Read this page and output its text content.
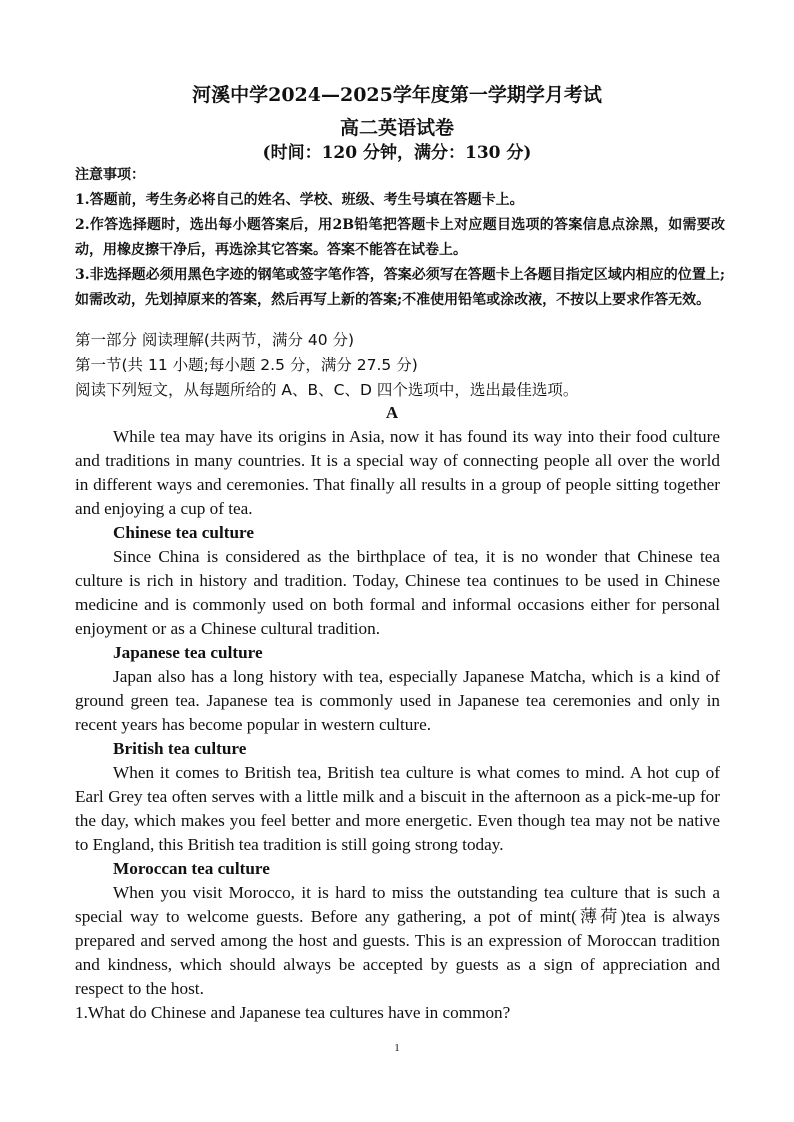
河溪中学2024—2025学年度第一学期学月考试
高二英语试卷
(时间：120 分钟，满分：130 分)

注意事项：

1.答题前，考生务必将自己的姓名、学校、班级、考生号填在答题卡上。

2.作答选择题时，选出每小题答案后，用2B铅笔把答题卡上对应题目选项的答案信息点涂黑，如需要改动，用橡皮擦干净后，再选涂其它答案。答案不能答在试卷上。

3.非选择题必须用黑色字迹的钢笔或签字笔作答，答案必须写在答题卡上各题目指定区域内相应的位置上;如需改动，先划掉原来的答案，然后再写上新的答案;不准使用铅笔或涂改液，不按以上要求作答无效。

第一部分 阅读理解(共两节，满分 40 分)

第一节(共 11 小题;每小题 2.5 分，满分 27.5 分)

阅读下列短文，从每题所给的 A、B、C、D 四个选项中，选出最佳选项。

A

While tea may have its origins in Asia, now it has found its way into their food culture and traditions in many countries. It is a special way of connecting people all over the world in different ways and ceremonies. That finally all results in a group of people sitting together and enjoying a cup of tea.

Chinese tea culture

Since China is considered as the birthplace of tea, it is no wonder that Chinese tea culture is rich in history and tradition. Today, Chinese tea continues to be used in Chinese medicine and is commonly used on both formal and informal occasions either for personal enjoyment or as a Chinese cultural tradition.

Japanese tea culture

Japan also has a long history with tea, especially Japanese Matcha, which is a kind of ground green tea. Japanese tea is commonly used in Japanese tea ceremonies and only in recent years has become popular in western culture.

British tea culture

When it comes to British tea, British tea culture is what comes to mind. A hot cup of Earl Grey tea often serves with a little milk and a biscuit in the afternoon as a pick-me-up for the day, which makes you feel better and more energetic. Even though tea may not be native to England, this British tea tradition is still going strong today.

Moroccan tea culture

When you visit Morocco, it is hard to miss the outstanding tea culture that is such a special way to welcome guests. Before any gathering, a pot of mint(薄荷)tea is always prepared and served among the host and guests. This is an expression of Moroccan tradition and kindness, which should always be accepted by guests as a sign of appreciation and respect to the host.

1.What do Chinese and Japanese tea cultures have in common?

1
